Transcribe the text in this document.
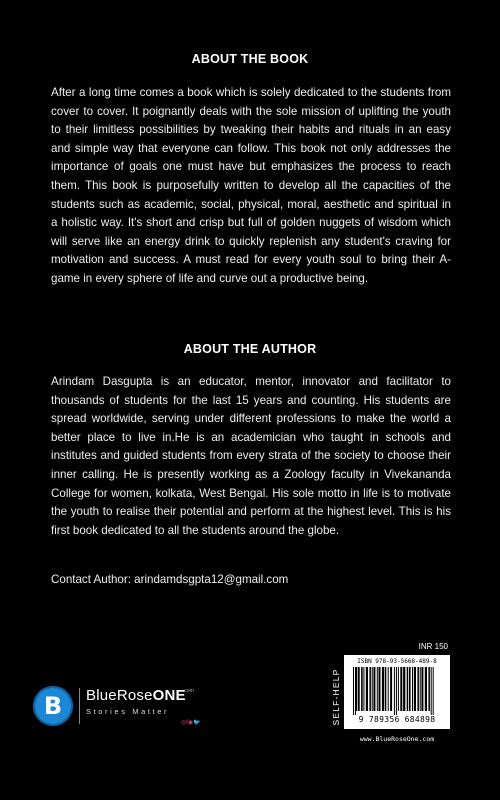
ABOUT THE BOOK

After a long time comes a book which is solely dedicated to the students from cover to cover. It poignantly deals with the sole mission of uplifting the youth to their limitless possibilities by tweaking their habits and rituals in an easy and simple way that everyone can follow. This book not only addresses the importance of goals one must have but emphasizes the process to reach them. This book is purposefully written to develop all the capacities of the students such as academic, social, physical, moral, aesthetic and spiritual in a holistic way. It's short and crisp but full of golden nuggets of wisdom which will serve like an energy drink to quickly replenish any student's craving for motivation and success. A must read for every youth soul to bring their A-game in every sphere of life and curve out a productive being.

ABOUT THE AUTHOR

Arindam Dasgupta is an educator, mentor, innovator and facilitator to thousands of students for the last 15 years and counting. His students are spread worldwide, serving under different professions to make the world a better place to live in.He is an academician who taught in schools and institutes and guided students from every strata of the society to choose their inner calling. He is presently working as a Zoology faculty in Vivekananda College for women, kolkata, West Bengal. His sole motto in life is to motivate the youth to realise their potential and perform at the highest level. This is his first book dedicated to all the students around the globe.

Contact Author: arindamdsgpta12@gmail.com
B	BlueRoseONE
.com
Stories Matter
◎f◉🐦	SELF-HELP
INR 150
ISBN 978-93-5668-489-8
9 789356 684898
www.BlueRoseOne.com
